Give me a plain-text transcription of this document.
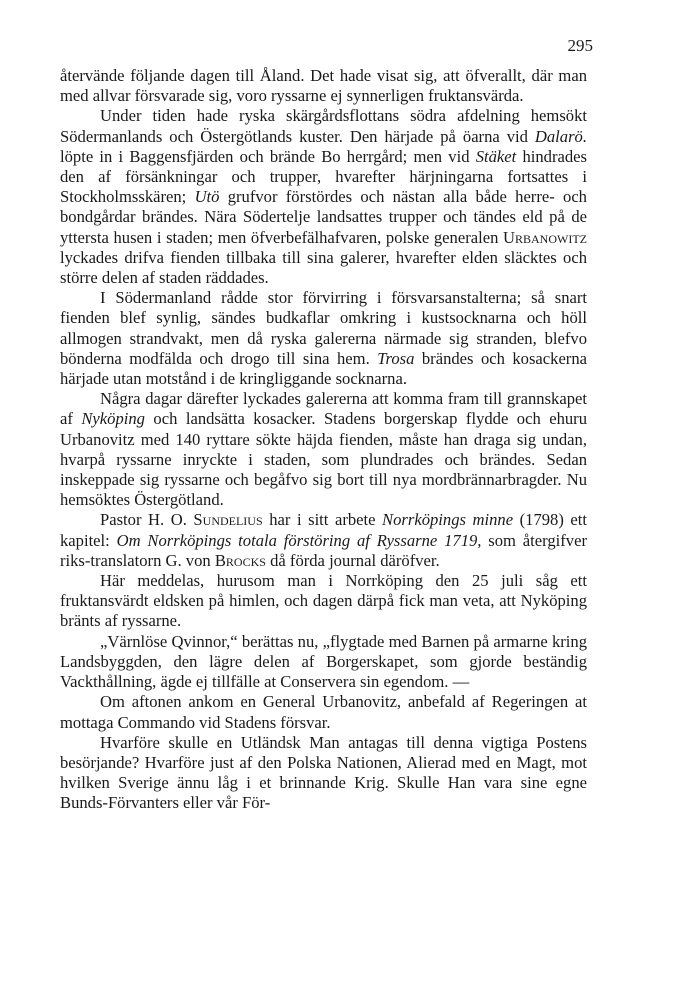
295

återvände följande dagen till Åland. Det hade visat sig, att öfverallt, där man med allvar försvarade sig, voro ryssarne ej synnerligen fruktansvärda.

Under tiden hade ryska skärgårdsflottans södra afdelning hemsökt Södermanlands och Östergötlands kuster. Den härjade på öarna vid Dalarö. löpte in i Baggensfjärden och brände Bo herrgård; men vid Stäket hindrades den af försänkningar och trupper, hvarefter härjningarna fortsattes i Stockholmsskären; Utö grufvor förstördes och nästan alla både herre- och bondgårdar brändes. Nära Södertelje landsattes trupper och tändes eld på de yttersta husen i staden; men öfverbefälhafvaren, polske generalen Urbanowitz lyckades drifva fienden tillbaka till sina galerer, hvarefter elden släcktes och större delen af staden räddades.

I Södermanland rådde stor förvirring i försvarsanstalterna; så snart fienden blef synlig, sändes budkaflar omkring i kustsocknarna och höll allmogen strandvakt, men då ryska galererna närmade sig stranden, blefvo bönderna modfälda och drogo till sina hem. Trosa brändes och kosackerna härjade utan motstånd i de kringliggande socknarna.

Några dagar därefter lyckades galererna att komma fram till grannskapet af Nyköping och landsätta kosacker. Stadens borgerskap flydde och ehuru Urbanovitz med 140 ryttare sökte häjda fienden, måste han draga sig undan, hvarpå ryssarne inryckte i staden, som plundrades och brändes. Sedan inskeppade sig ryssarne och begåfvo sig bort till nya mordbrännarbragder. Nu hemsöktes Östergötland.

Pastor H. O. Sundelius har i sitt arbete Norrköpings minne (1798) ett kapitel: Om Norrköpings totala förstöring af Ryssarne 1719, som återgifver riks-translatorn G. von Brocks då förda journal däröfver.

Här meddelas, hurusom man i Norrköping den 25 juli såg ett fruktansvärdt eldsken på himlen, och dagen därpå fick man veta, att Nyköping bränts af ryssarne.

„Värnlöse Qvinnor,“ berättas nu, „flygtade med Barnen på armarne kring Landsbyggden, den lägre delen af Borgerskapet, som gjorde beständig Vackthållning, ägde ej tillfälle at Conservera sin egendom. —

Om aftonen ankom en General Urbanovitz, anbefald af Regeringen at mottaga Commando vid Stadens försvar.

Hvarföre skulle en Utländsk Man antagas till denna vigtiga Postens besörjande? Hvarföre just af den Polska Nationen, Alierad med en Magt, mot hvilken Sverige ännu låg i et brinnande Krig. Skulle Han vara sine egne Bunds-Förvanters eller vår För-
